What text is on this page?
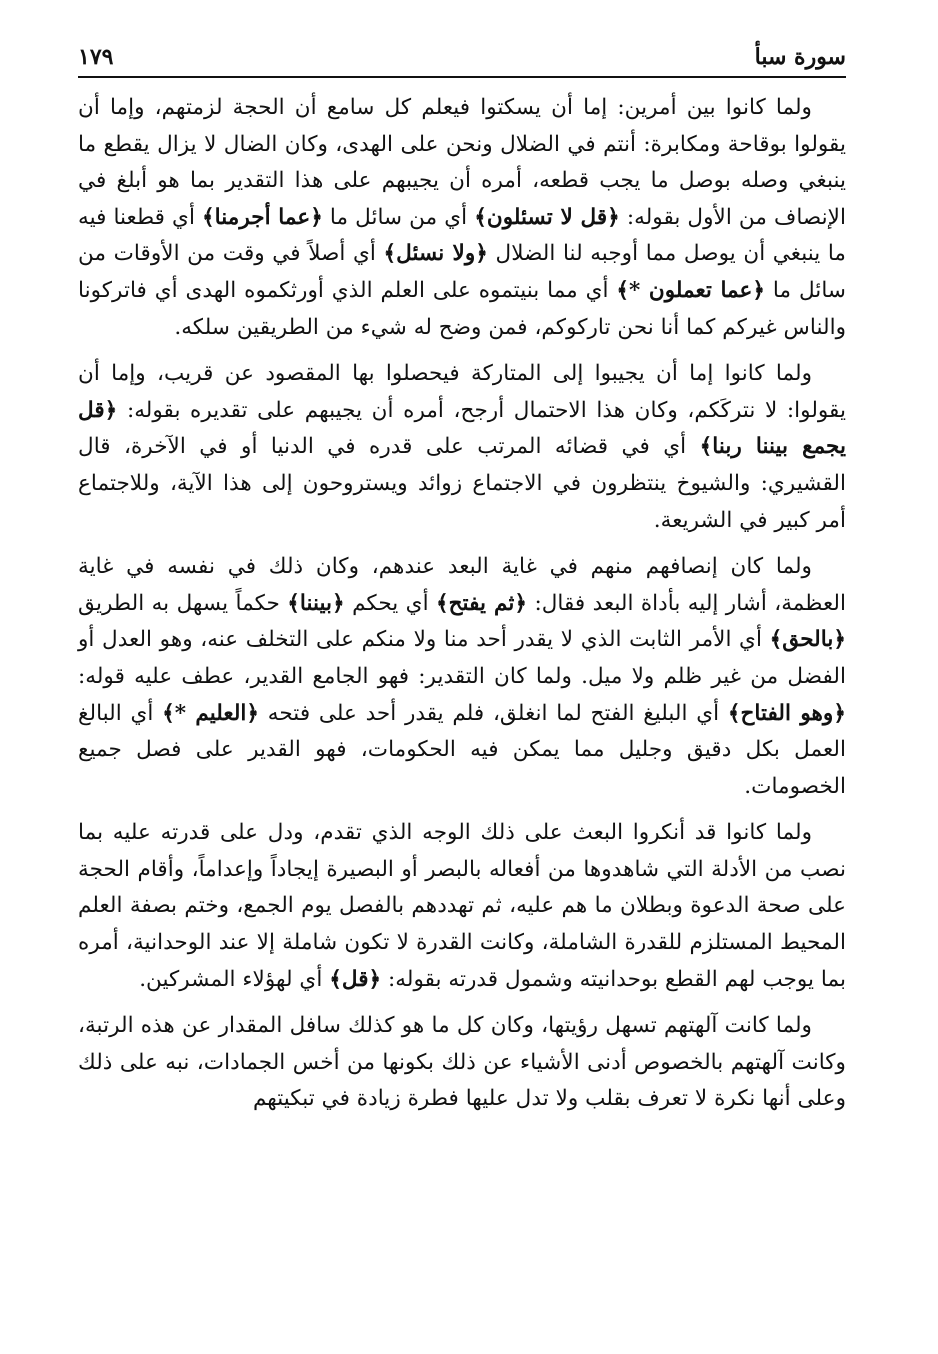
سورة سبأ
١٧٩

ولما كانوا بين أمرين: إما أن يسكتوا فيعلم كل سامع أن الحجة لزمتهم، وإما أن يقولوا بوقاحة ومكابرة: أنتم في الضلال ونحن على الهدى، وكان الضال لا يزال يقطع ما ينبغي وصله بوصل ما يجب قطعه، أمره أن يجيبهم على هذا التقدير بما هو أبلغ في الإنصاف من الأول بقوله: ﴿قل لا تسئلون﴾ أي من سائل ما ﴿عما أجرمنا﴾ أي قطعنا فيه ما ينبغي أن يوصل مما أوجبه لنا الضلال ﴿ولا نسئل﴾ أي أصلاً في وقت من الأوقات من سائل ما ﴿عما تعملون *﴾ أي مما بنيتموه على العلم الذي أورثكموه الهدى أي فاتركونا والناس غيركم كما أنا نحن تاركوكم، فمن وضح له شيء من الطريقين سلكه.

ولما كانوا إما أن يجيبوا إلى المتاركة فيحصلوا بها المقصود عن قريب، وإما أن يقولوا: لا نتركَكم، وكان هذا الاحتمال أرجح، أمره أن يجيبهم على تقديره بقوله: ﴿قل يجمع بيننا ربنا﴾ أي في قضائه المرتب على قدره في الدنيا أو في الآخرة، قال القشيري: والشيوخ ينتظرون في الاجتماع زوائد ويستروحون إلى هذا الآية، وللاجتماع أمر كبير في الشريعة.

ولما كان إنصافهم منهم في غاية البعد عندهم، وكان ذلك في نفسه في غاية العظمة، أشار إليه بأداة البعد فقال: ﴿ثم يفتح﴾ أي يحكم ﴿بيننا﴾ حكماً يسهل به الطريق ﴿بالحق﴾ أي الأمر الثابت الذي لا يقدر أحد منا ولا منكم على التخلف عنه، وهو العدل أو الفضل من غير ظلم ولا ميل. ولما كان التقدير: فهو الجامع القدير، عطف عليه قوله: ﴿وهو الفتاح﴾ أي البليغ الفتح لما انغلق، فلم يقدر أحد على فتحه ﴿العليم *﴾ أي البالغ العمل بكل دقيق وجليل مما يمكن فيه الحكومات، فهو القدير على فصل جميع الخصومات.

ولما كانوا قد أنكروا البعث على ذلك الوجه الذي تقدم، ودل على قدرته عليه بما نصب من الأدلة التي شاهدوها من أفعاله بالبصر أو البصيرة إيجاداً وإعداماً، وأقام الحجة على صحة الدعوة وبطلان ما هم عليه، ثم تهددهم بالفصل يوم الجمع، وختم بصفة العلم المحيط المستلزم للقدرة الشاملة، وكانت القدرة لا تكون شاملة إلا عند الوحدانية، أمره بما يوجب لهم القطع بوحدانيته وشمول قدرته بقوله: ﴿قل﴾ أي لهؤلاء المشركين.

ولما كانت آلهتهم تسهل رؤيتها، وكان كل ما هو كذلك سافل المقدار عن هذه الرتبة، وكانت آلهتهم بالخصوص أدنى الأشياء عن ذلك بكونها من أخس الجمادات، نبه على ذلك وعلى أنها نكرة لا تعرف بقلب ولا تدل عليها فطرة زيادة في تبكيتهم
